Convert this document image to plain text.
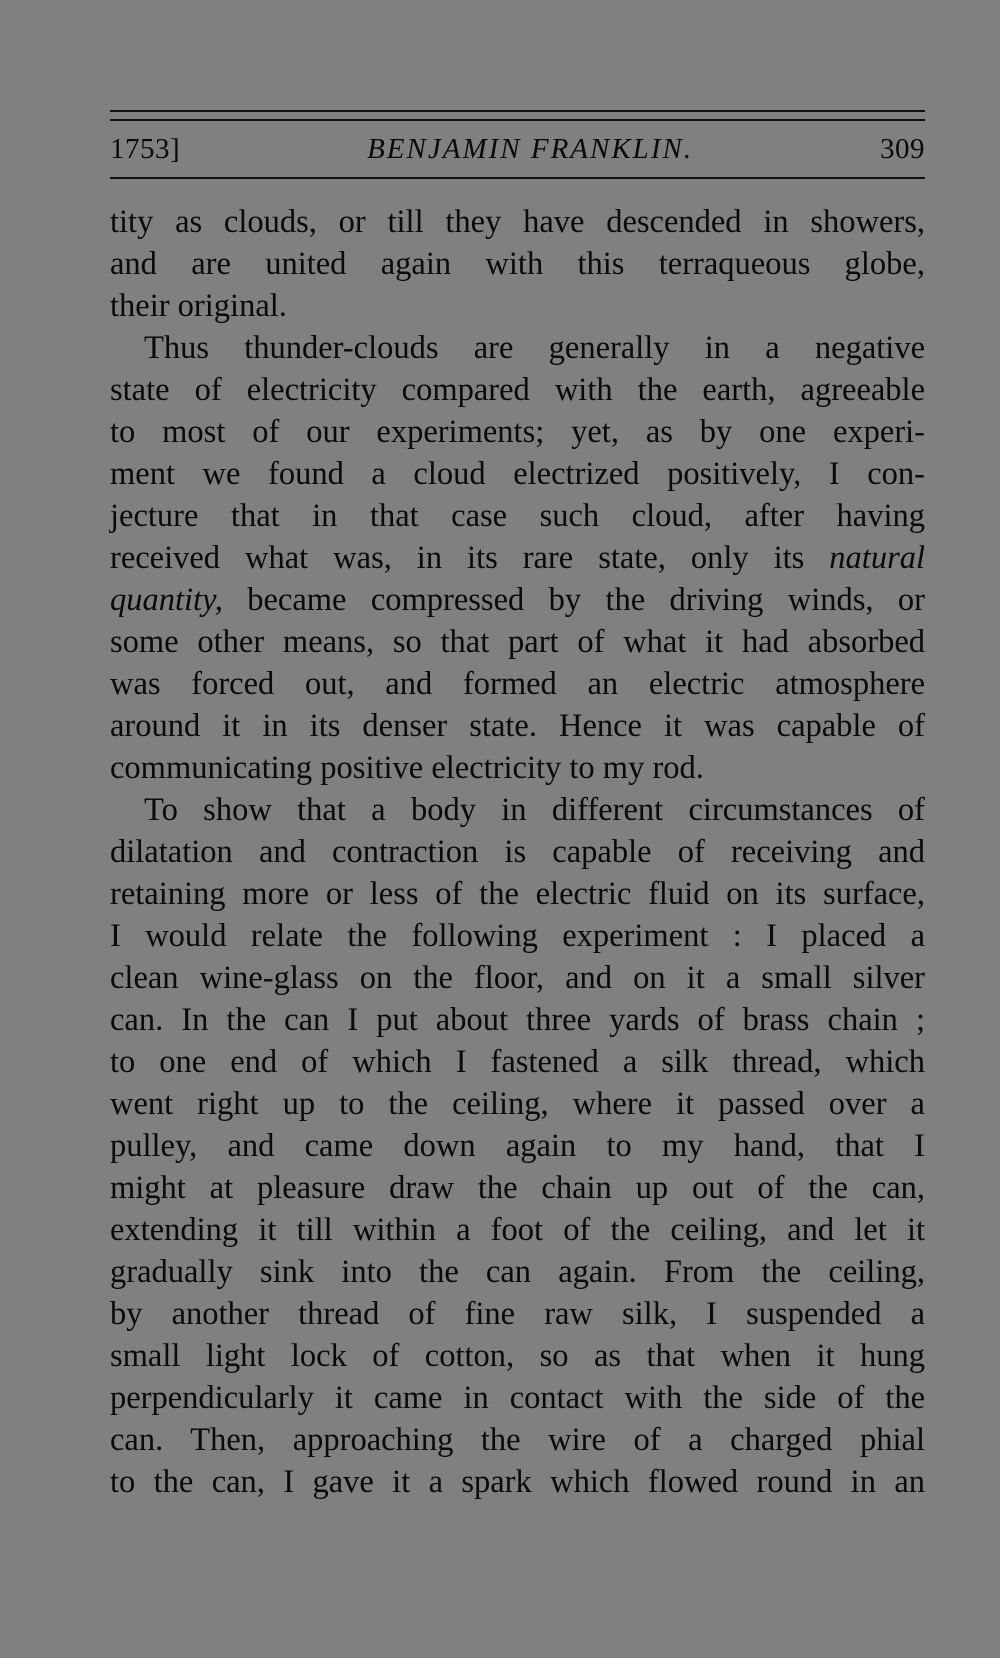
1753]	BENJAMIN FRANKLIN.	309

tity as clouds, or till they have descended in showers,
and are united again with this terraqueous globe,
their original.

Thus thunder-clouds are generally in a negative
state of electricity compared with the earth, agreeable
to most of our experiments; yet, as by one experi-
ment we found a cloud electrized positively, I con-
jecture that in that case such cloud, after having
received what was, in its rare state, only its natural
quantity, became compressed by the driving winds, or
some other means, so that part of what it had absorbed
was forced out, and formed an electric atmosphere
around it in its denser state. Hence it was capable of
communicating positive electricity to my rod.

To show that a body in different circumstances of
dilatation and contraction is capable of receiving and
retaining more or less of the electric fluid on its surface,
I would relate the following experiment : I placed a
clean wine-glass on the floor, and on it a small silver
can. In the can I put about three yards of brass chain ;
to one end of which I fastened a silk thread, which
went right up to the ceiling, where it passed over a
pulley, and came down again to my hand, that I
might at pleasure draw the chain up out of the can,
extending it till within a foot of the ceiling, and let it
gradually sink into the can again. From the ceiling,
by another thread of fine raw silk, I suspended a
small light lock of cotton, so as that when it hung
perpendicularly it came in contact with the side of the
can. Then, approaching the wire of a charged phial
to the can, I gave it a spark which flowed round in an
